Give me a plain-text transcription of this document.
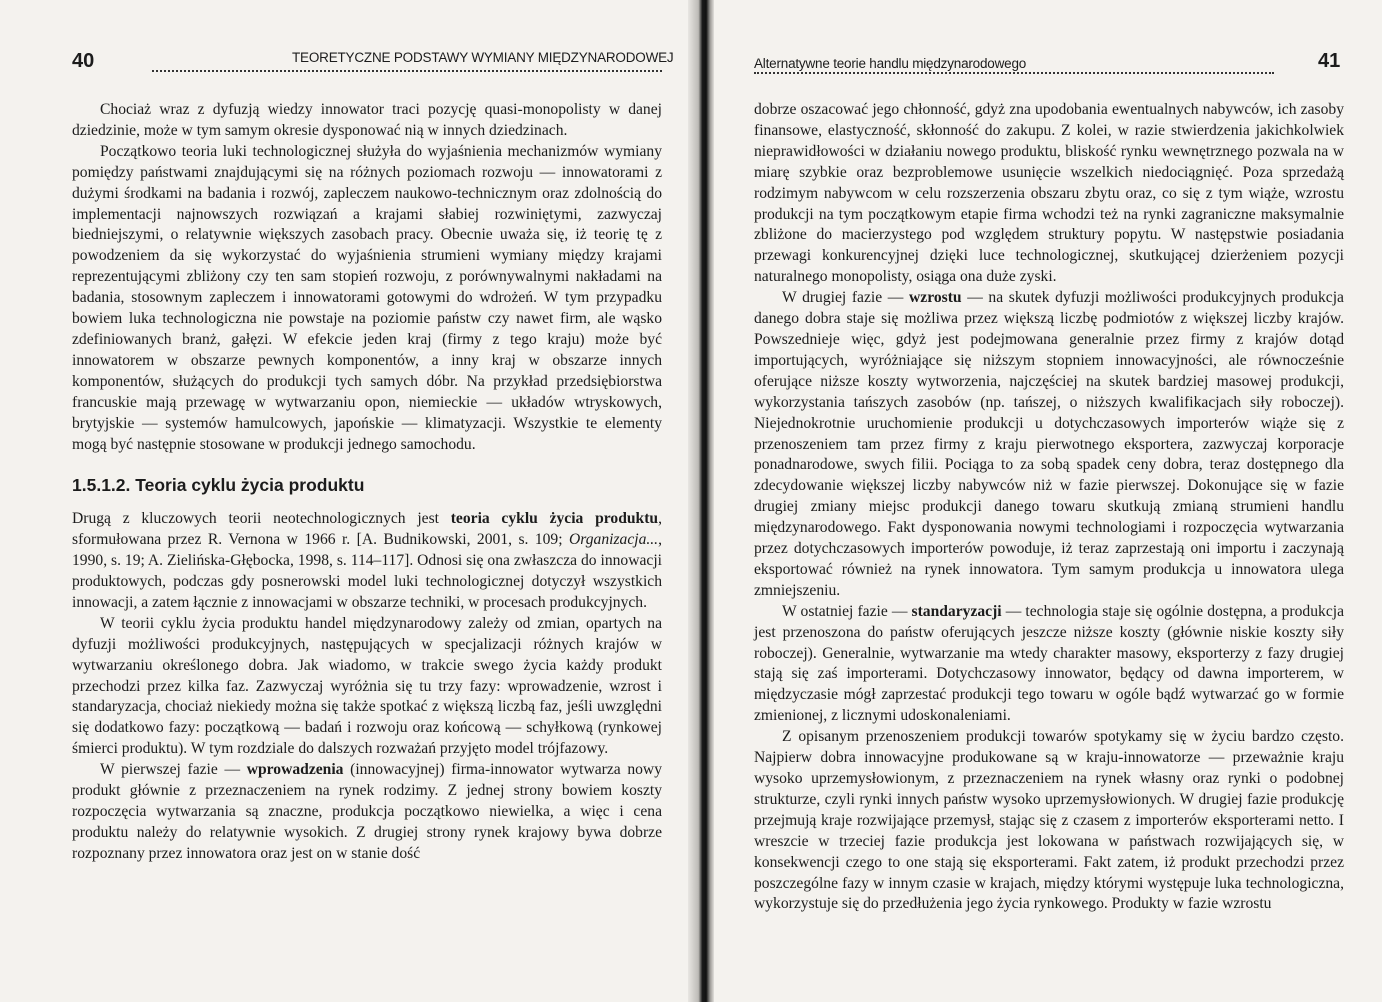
40	TEORETYCZNE PODSTAWY WYMIANY MIĘDZYNARODOWEJ

Chociaż wraz z dyfuzją wiedzy innowator traci pozycję quasi-monopolisty w danej dziedzinie, może w tym samym okresie dysponować nią w innych dziedzinach.

Początkowo teoria luki technologicznej służyła do wyjaśnienia mechanizmów wymiany pomiędzy państwami znajdującymi się na różnych poziomach rozwoju — innowatorami z dużymi środkami na badania i rozwój, zapleczem naukowo-technicznym oraz zdolnością do implementacji najnowszych rozwiązań a krajami słabiej rozwiniętymi, zazwyczaj biedniejszymi, o relatywnie większych zasobach pracy. Obecnie uważa się, iż teorię tę z powodzeniem da się wykorzystać do wyjaśnienia strumieni wymiany między krajami reprezentującymi zbliżony czy ten sam stopień rozwoju, z porównywalnymi nakładami na badania, stosownym zapleczem i innowatorami gotowymi do wdrożeń. W tym przypadku bowiem luka technologiczna nie powstaje na poziomie państw czy nawet firm, ale wąsko zdefiniowanych branż, gałęzi. W efekcie jeden kraj (firmy z tego kraju) może być innowatorem w obszarze pewnych komponentów, a inny kraj w obszarze innych komponentów, służących do produkcji tych samych dóbr. Na przykład przedsiębiorstwa francuskie mają przewagę w wytwarzaniu opon, niemieckie — układów wtryskowych, brytyjskie — systemów hamulcowych, japońskie — klimatyzacji. Wszystkie te elementy mogą być następnie stosowane w produkcji jednego samochodu.

1.5.1.2. Teoria cyklu życia produktu

Drugą z kluczowych teorii neotechnologicznych jest teoria cyklu życia produktu, sformułowana przez R. Vernona w 1966 r. [A. Budnikowski, 2001, s. 109; Organizacja..., 1990, s. 19; A. Zielińska-Głębocka, 1998, s. 114–117]. Odnosi się ona zwłaszcza do innowacji produktowych, podczas gdy posnerowski model luki technologicznej dotyczył wszystkich innowacji, a zatem łącznie z innowacjami w obszarze techniki, w procesach produkcyjnych.

W teorii cyklu życia produktu handel międzynarodowy zależy od zmian, opartych na dyfuzji możliwości produkcyjnych, następujących w specjalizacji różnych krajów w wytwarzaniu określonego dobra. Jak wiadomo, w trakcie swego życia każdy produkt przechodzi przez kilka faz. Zazwyczaj wyróżnia się tu trzy fazy: wprowadzenie, wzrost i standaryzacja, chociaż niekiedy można się także spotkać z większą liczbą faz, jeśli uwzględni się dodatkowo fazy: początkową — badań i rozwoju oraz końcową — schyłkową (rynkowej śmierci produktu). W tym rozdziale do dalszych rozważań przyjęto model trójfazowy.

W pierwszej fazie — wprowadzenia (innowacyjnej) firma-innowator wytwarza nowy produkt głównie z przeznaczeniem na rynek rodzimy. Z jednej strony bowiem koszty rozpoczęcia wytwarzania są znaczne, produkcja początkowo niewielka, a więc i cena produktu należy do relatywnie wysokich. Z drugiej strony rynek krajowy bywa dobrze rozpoznany przez innowatora oraz jest on w stanie dość

Alternatywne teorie handlu międzynarodowego	41

dobrze oszacować jego chłonność, gdyż zna upodobania ewentualnych nabywców, ich zasoby finansowe, elastyczność, skłonność do zakupu. Z kolei, w razie stwierdzenia jakichkolwiek nieprawidłowości w działaniu nowego produktu, bliskość rynku wewnętrznego pozwala na w miarę szybkie oraz bezproblemowe usunięcie wszelkich niedociągnięć. Poza sprzedażą rodzimym nabywcom w celu rozszerzenia obszaru zbytu oraz, co się z tym wiąże, wzrostu produkcji na tym początkowym etapie firma wchodzi też na rynki zagraniczne maksymalnie zbliżone do macierzystego pod względem struktury popytu. W następstwie posiadania przewagi konkurencyjnej dzięki luce technologicznej, skutkującej dzierżeniem pozycji naturalnego monopolisty, osiąga ona duże zyski.

W drugiej fazie — wzrostu — na skutek dyfuzji możliwości produkcyjnych produkcja danego dobra staje się możliwa przez większą liczbę podmiotów z większej liczby krajów. Powszednieje więc, gdyż jest podejmowana generalnie przez firmy z krajów dotąd importujących, wyróżniające się niższym stopniem innowacyjności, ale równocześnie oferujące niższe koszty wytworzenia, najczęściej na skutek bardziej masowej produkcji, wykorzystania tańszych zasobów (np. tańszej, o niższych kwalifikacjach siły roboczej). Niejednokrotnie uruchomienie produkcji u dotychczasowych importerów wiąże się z przenoszeniem tam przez firmy z kraju pierwotnego eksportera, zazwyczaj korporacje ponadnarodowe, swych filii. Pociąga to za sobą spadek ceny dobra, teraz dostępnego dla zdecydowanie większej liczby nabywców niż w fazie pierwszej. Dokonujące się w fazie drugiej zmiany miejsc produkcji danego towaru skutkują zmianą strumieni handlu międzynarodowego. Fakt dysponowania nowymi technologiami i rozpoczęcia wytwarzania przez dotychczasowych importerów powoduje, iż teraz zaprzestają oni importu i zaczynają eksportować również na rynek innowatora. Tym samym produkcja u innowatora ulega zmniejszeniu.

W ostatniej fazie — standaryzacji — technologia staje się ogólnie dostępna, a produkcja jest przenoszona do państw oferujących jeszcze niższe koszty (głównie niskie koszty siły roboczej). Generalnie, wytwarzanie ma wtedy charakter masowy, eksporterzy z fazy drugiej stają się zaś importerami. Dotychczasowy innowator, będący od dawna importerem, w międzyczasie mógł zaprzestać produkcji tego towaru w ogóle bądź wytwarzać go w formie zmienionej, z licznymi udoskonaleniami.

Z opisanym przenoszeniem produkcji towarów spotykamy się w życiu bardzo często. Najpierw dobra innowacyjne produkowane są w kraju-innowatorze — przeważnie kraju wysoko uprzemysłowionym, z przeznaczeniem na rynek własny oraz rynki o podobnej strukturze, czyli rynki innych państw wysoko uprzemysłowionych. W drugiej fazie produkcję przejmują kraje rozwijające przemysł, stając się z czasem z importerów eksporterami netto. I wreszcie w trzeciej fazie produkcja jest lokowana w państwach rozwijających się, w konsekwencji czego to one stają się eksporterami. Fakt zatem, iż produkt przechodzi przez poszczególne fazy w innym czasie w krajach, między którymi występuje luka technologiczna, wykorzystuje się do przedłużenia jego życia rynkowego. Produkty w fazie wzrostu
